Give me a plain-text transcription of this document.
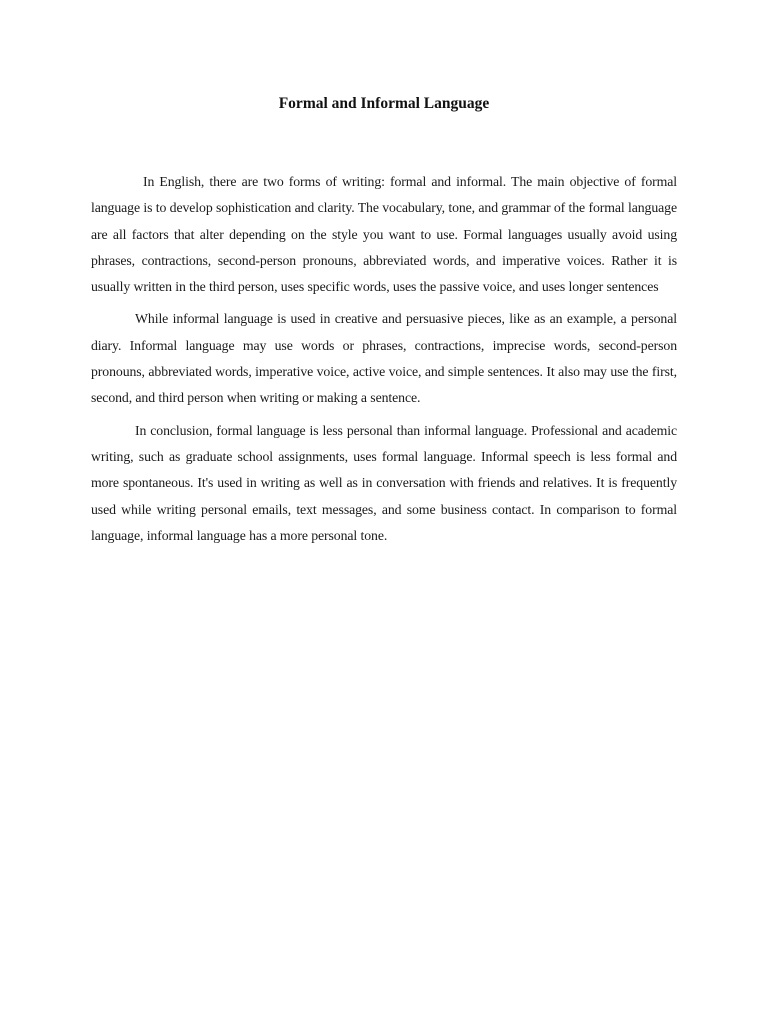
Formal and Informal Language

In English, there are two forms of writing: formal and informal. The main objective of formal language is to develop sophistication and clarity. The vocabulary, tone, and grammar of the formal language are all factors that alter depending on the style you want to use. Formal languages usually avoid using phrases, contractions, second-person pronouns, abbreviated words, and imperative voices. Rather it is usually written in the third person, uses specific words, uses the passive voice, and uses longer sentences

While informal language is used in creative and persuasive pieces, like as an example, a personal diary. Informal language may use words or phrases, contractions, imprecise words, second-person pronouns, abbreviated words, imperative voice, active voice, and simple sentences. It also may use the first, second, and third person when writing or making a sentence.

In conclusion, formal language is less personal than informal language. Professional and academic writing, such as graduate school assignments, uses formal language. Informal speech is less formal and more spontaneous. It's used in writing as well as in conversation with friends and relatives. It is frequently used while writing personal emails, text messages, and some business contact. In comparison to formal language, informal language has a more personal tone.
